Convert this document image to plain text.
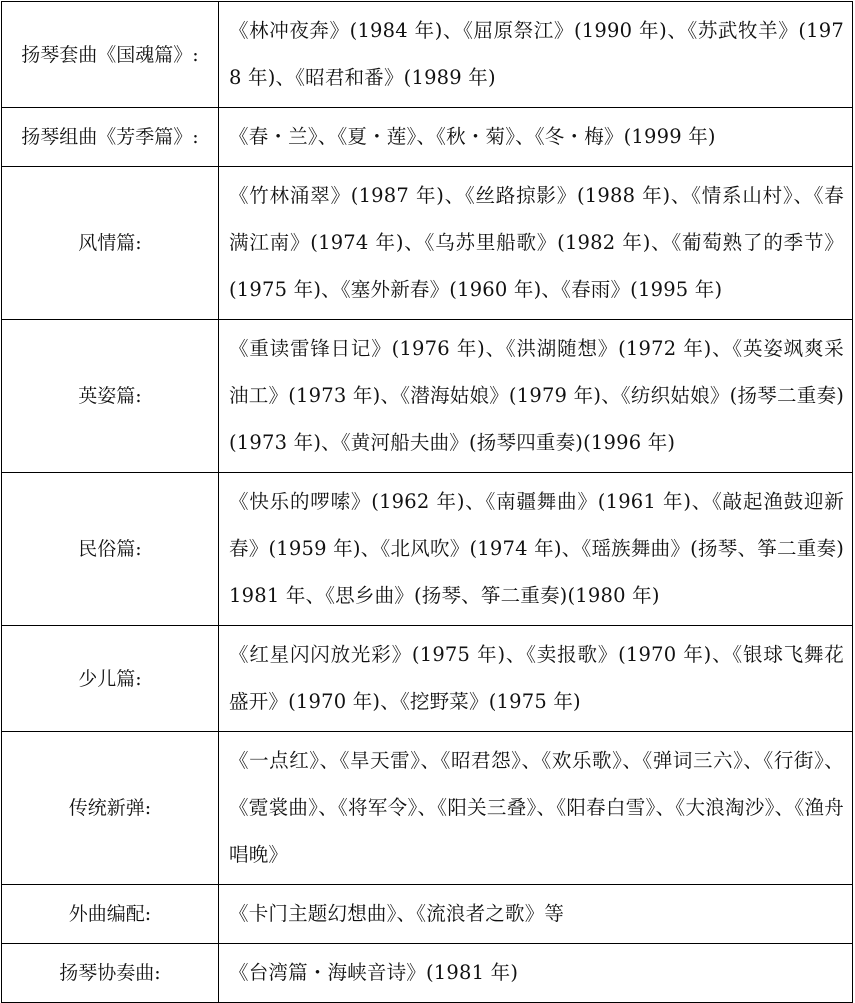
扬琴套曲《国魂篇》:	《林冲夜奔》(1984 年)、《屈原祭江》(1990 年)、《苏武牧羊》(1978 年)、《昭君和番》(1989 年)
扬琴组曲《芳季篇》:	《春・兰》、《夏・莲》、《秋・菊》、《冬・梅》(1999 年)
风情篇:	《竹林涌翠》(1987 年)、《丝路掠影》(1988 年)、《情系山村》、《春满江南》(1974 年)、《乌苏里船歌》(1982 年)、《葡萄熟了的季节》(1975 年)、《塞外新春》(1960 年)、《春雨》(1995 年)
英姿篇:	《重读雷锋日记》(1976 年)、《洪湖随想》(1972 年)、《英姿飒爽采油工》(1973 年)、《潜海姑娘》(1979 年)、《纺织姑娘》(扬琴二重奏)(1973 年)、《黄河船夫曲》(扬琴四重奏)(1996 年)
民俗篇:	《快乐的啰嗦》(1962 年)、《南疆舞曲》(1961 年)、《敲起渔鼓迎新春》(1959 年)、《北风吹》(1974 年)、《瑶族舞曲》(扬琴、筝二重奏)1981 年、《思乡曲》(扬琴、筝二重奏)(1980 年)
少儿篇:	《红星闪闪放光彩》(1975 年)、《卖报歌》(1970 年)、《银球飞舞花盛开》(1970 年)、《挖野菜》(1975 年)
传统新弹:	《一点红》、《旱天雷》、《昭君怨》、《欢乐歌》、《弹词三六》、《行街》、《霓裳曲》、《将军令》、《阳关三叠》、《阳春白雪》、《大浪淘沙》、《渔舟唱晚》
外曲编配:	《卡门主题幻想曲》、《流浪者之歌》等
扬琴协奏曲:	《台湾篇・海峡音诗》(1981 年)
